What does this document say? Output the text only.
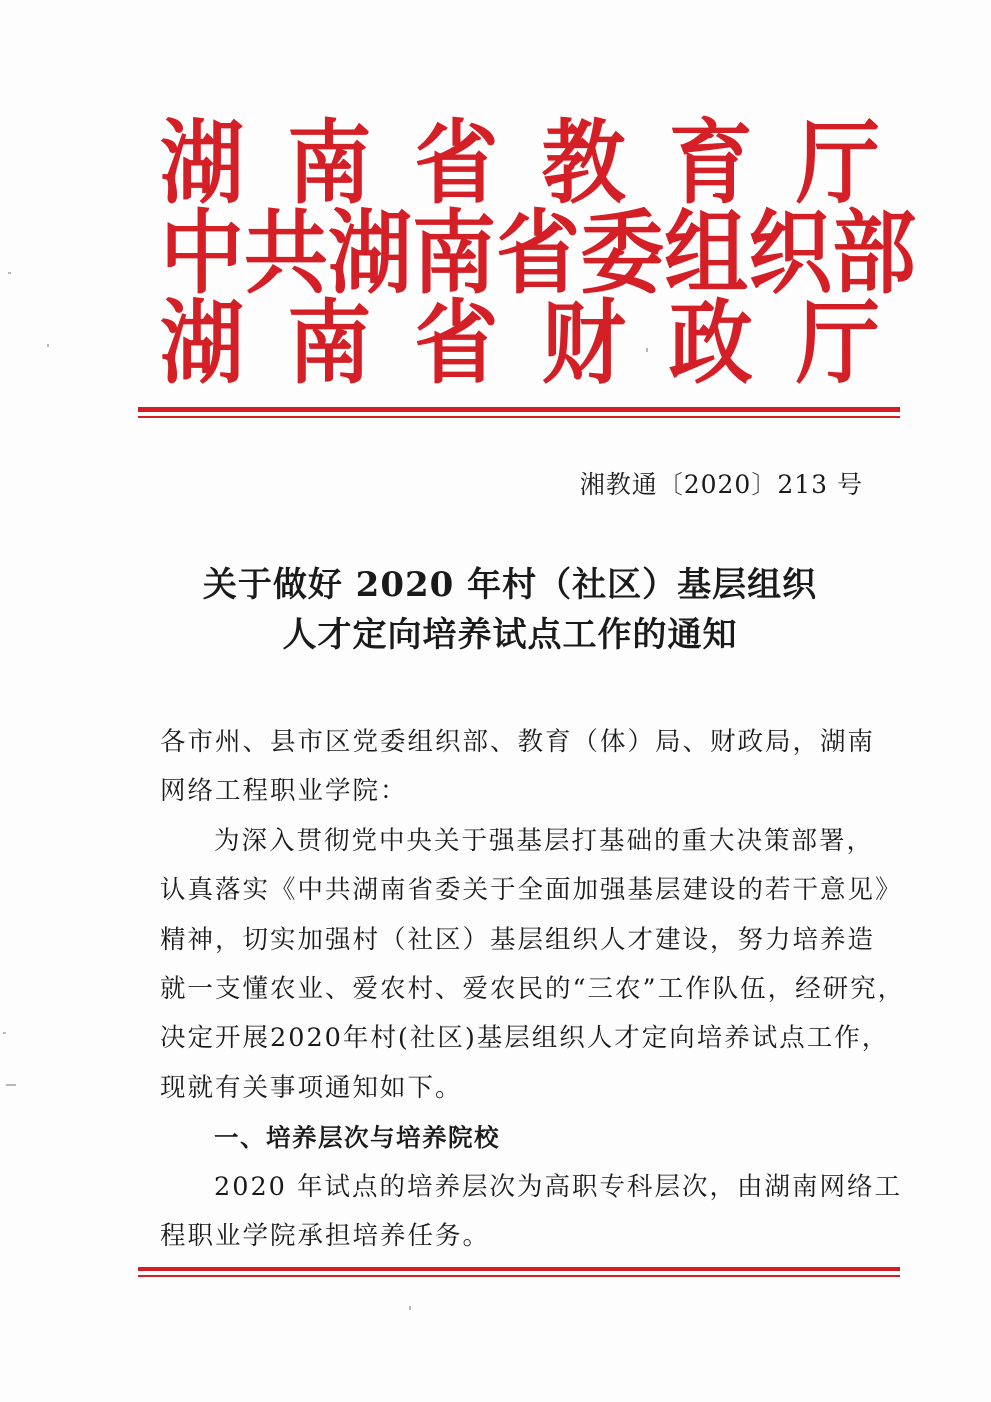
湖 南 省 教 育 厅
中 共 湖 南 省 委 组 织 部
湖 南 省 财 政 厅
湘教通〔2020〕213 号
关于做好 2020 年村（社区）基层组织
人才定向培养试点工作的通知
各市州、县市区党委组织部、教育（体）局、财政局，湖南
网络工程职业学院：
为深入贯彻党中央关于强基层打基础的重大决策部署，
认真落实《中共湖南省委关于全面加强基层建设的若干意见》
精神，切实加强村（社区）基层组织人才建设，努力培养造
就一支懂农业、爱农村、爱农民的“三农”工作队伍，经研究，
决定开展2020年村(社区)基层组织人才定向培养试点工作，
现就有关事项通知如下。
一、培养层次与培养院校
2020 年试点的培养层次为高职专科层次，由湖南网络工
程职业学院承担培养任务。
